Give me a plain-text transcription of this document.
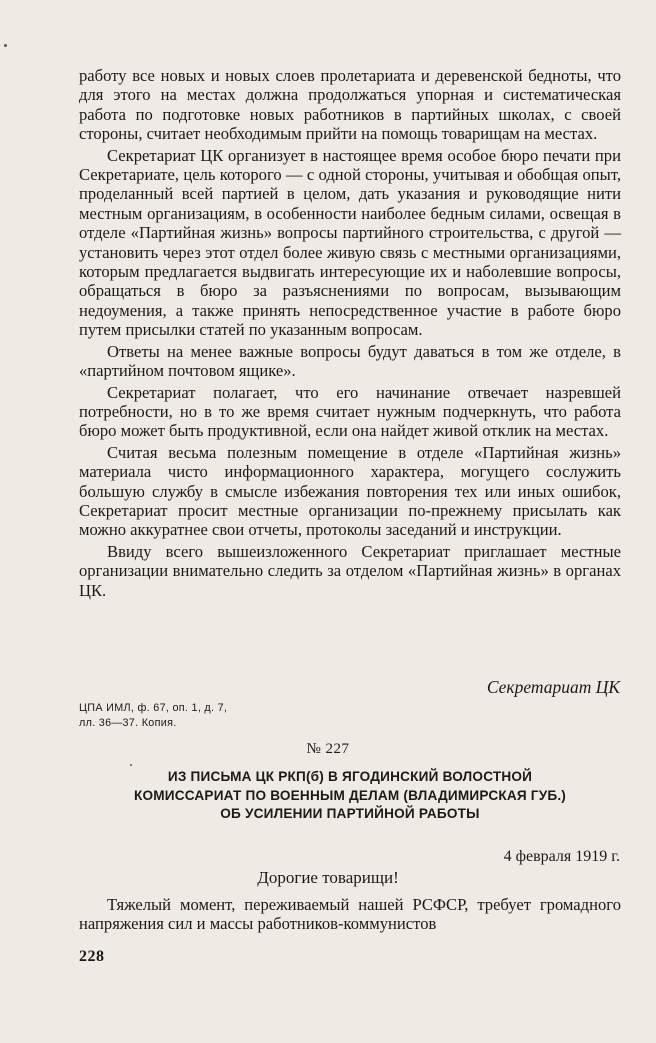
работу все новых и новых слоев пролетариата и деревенской бедноты, что для этого на местах должна продолжаться упорная и систематическая работа по подготовке новых работников в партийных школах, с своей стороны, считает необходимым прийти на помощь товарищам на местах.

Секретариат ЦК организует в настоящее время особое бюро печати при Секретариате, цель которого — с одной стороны, учитывая и обобщая опыт, проделанный всей партией в целом, дать указания и руководящие нити местным организациям, в особенности наиболее бедным силами, освещая в отделе «Партийная жизнь» вопросы партийного строительства, с другой — установить через этот отдел более живую связь с местными организациями, которым предлагается выдвигать интересующие их и наболевшие вопросы, обращаться в бюро за разъяснениями по вопросам, вызывающим недоумения, а также принять непосредственное участие в работе бюро путем присылки статей по указанным вопросам.

Ответы на менее важные вопросы будут даваться в том же отделе, в «партийном почтовом ящике».

Секретариат полагает, что его начинание отвечает назревшей потребности, но в то же время считает нужным подчеркнуть, что работа бюро может быть продуктивной, если она найдет живой отклик на местах.

Считая весьма полезным помещение в отделе «Партийная жизнь» материала чисто информационного характера, могущего сослужить большую службу в смысле избежания повторения тех или иных ошибок, Секретариат просит местные организации по-прежнему присылать как можно аккуратнее свои отчеты, протоколы заседаний и инструкции.

Ввиду всего вышеизложенного Секретариат приглашает местные организации внимательно следить за отделом «Партийная жизнь» в органах ЦК.

Секретариат ЦК
ЦПА ИМЛ, ф. 67, оп. 1, д. 7,
лл. 36—37. Копия.
№ 227
ИЗ ПИСЬМА ЦК РКП(б) В ЯГОДИНСКИЙ ВОЛОСТНОЙ
КОМИССАРИАТ ПО ВОЕННЫМ ДЕЛАМ (ВЛАДИМИРСКАЯ ГУБ.)
ОБ УСИЛЕНИИ ПАРТИЙНОЙ РАБОТЫ
4 февраля 1919 г.
Дорогие товарищи!

Тяжелый момент, переживаемый нашей РСФСР, требует громадного напряжения сил и массы работников-коммунистов

228
